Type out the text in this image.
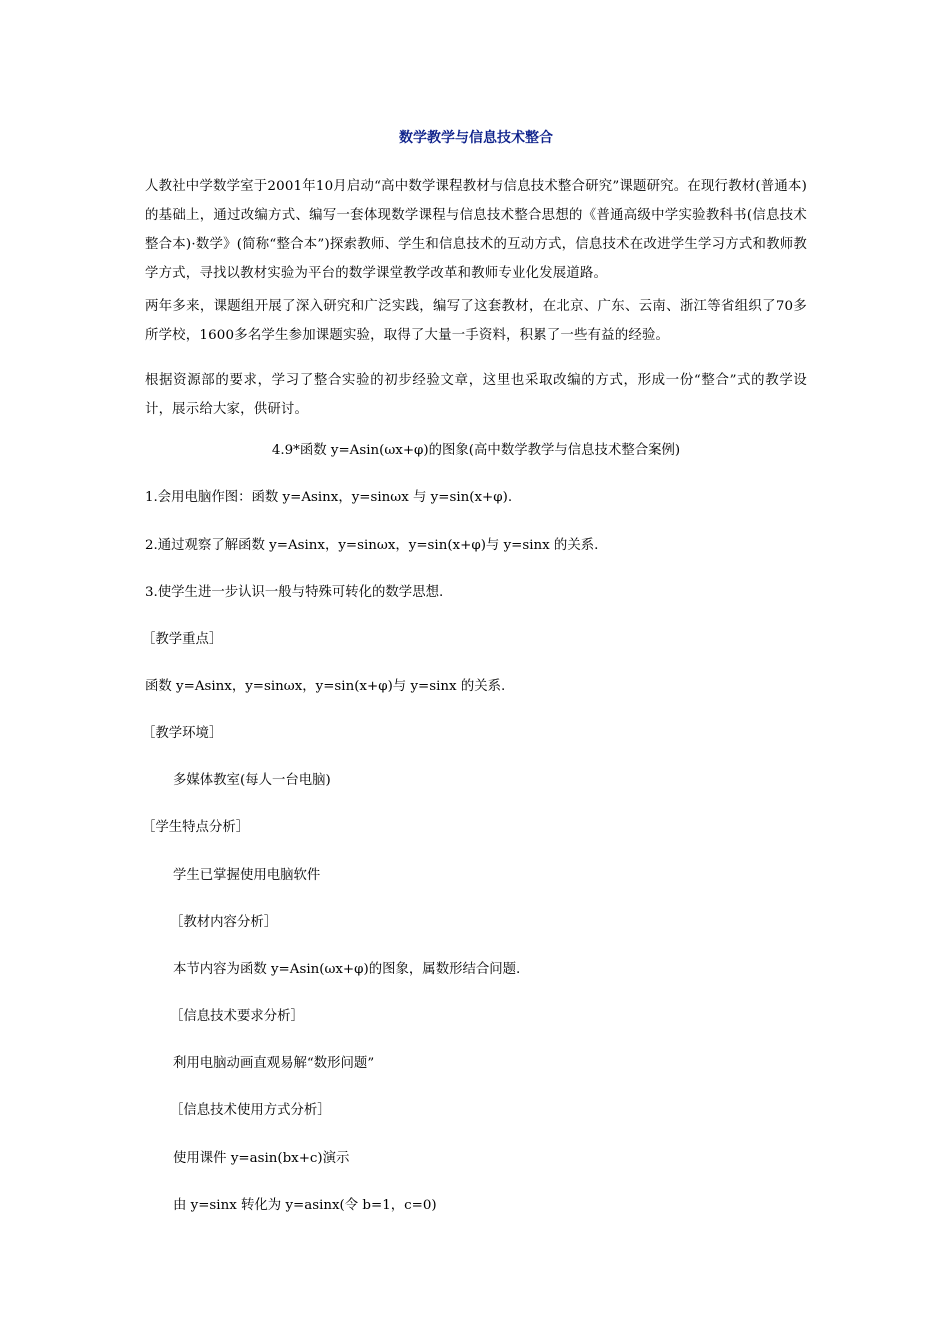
数学教学与信息技术整合
人教社中学数学室于2001年10月启动“高中数学课程教材与信息技术整合研究”课题研究。在现行教材(普通本)的基础上，通过改编方式、编写一套体现数学课程与信息技术整合思想的《普通高级中学实验教科书(信息技术整合本)·数学》(简称“整合本”)探索教师、学生和信息技术的互动方式，信息技术在改进学生学习方式和教师教学方式，寻找以教材实验为平台的数学课堂教学改革和教师专业化发展道路。
两年多来，课题组开展了深入研究和广泛实践，编写了这套教材，在北京、广东、云南、浙江等省组织了70多所学校，1600多名学生参加课题实验，取得了大量一手资料，积累了一些有益的经验。
根据资源部的要求，学习了整合实验的初步经验文章，这里也采取改编的方式，形成一份“整合”式的教学设计，展示给大家，供研讨。
4.9*函数 y=Asin(ωx+φ)的图象(高中数学教学与信息技术整合案例)
1.会用电脑作图：函数 y=Asinx，y=sinωx 与 y=sin(x+φ).
2.通过观察了解函数 y=Asinx，y=sinωx，y=sin(x+φ)与 y=sinx 的关系.
3.使学生进一步认识一般与特殊可转化的数学思想.
［教学重点］
函数 y=Asinx，y=sinωx，y=sin(x+φ)与 y=sinx 的关系.
［教学环境］
多媒体教室(每人一台电脑)
［学生特点分析］
学生已掌握使用电脑软件
［教材内容分析］
本节内容为函数 y=Asin(ωx+φ)的图象，属数形结合问题.
［信息技术要求分析］
利用电脑动画直观易解“数形问题”
［信息技术使用方式分析］
使用课件 y=asin(bx+c)演示
由 y=sinx 转化为 y=asinx(令 b=1，c=0)
